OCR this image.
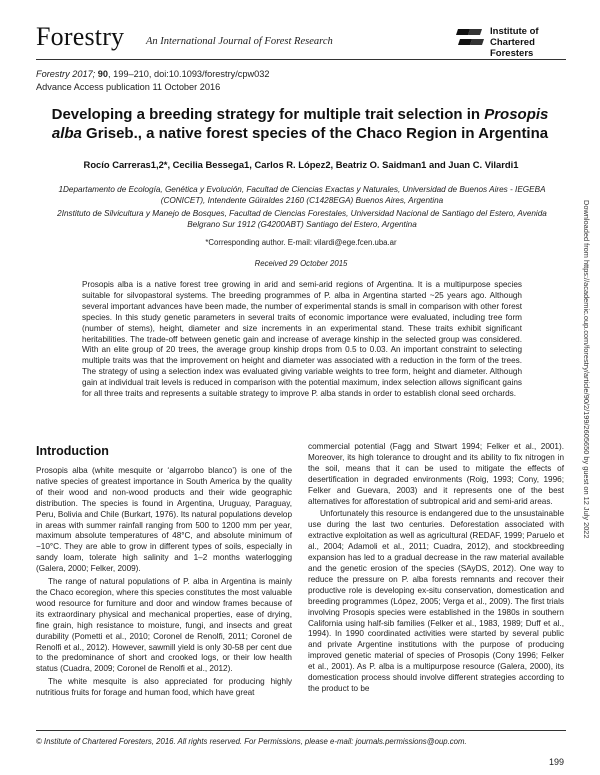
Forestry An International Journal of Forest Research
Institute of
Chartered Foresters
Forestry 2017; 90, 199–210, doi:10.1093/forestry/cpw032
Advance Access publication 11 October 2016
Developing a breeding strategy for multiple trait selection in Prosopis alba Griseb., a native forest species of the Chaco Region in Argentina
Rocío Carreras1,2*, Cecilia Bessega1, Carlos R. López2, Beatriz O. Saidman1 and Juan C. Vilardi1

1Departamento de Ecología, Genética y Evolución, Facultad de Ciencias Exactas y Naturales, Universidad de Buenos Aires - IEGEBA (CONICET), Intendente Güiraldes 2160 (C1428EGA) Buenos Aires, Argentina

2Instituto de Silvicultura y Manejo de Bosques, Facultad de Ciencias Forestales, Universidad Nacional de Santiago del Estero, Avenida Belgrano Sur 1912 (G4200ABT) Santiago del Estero, Argentina

*Corresponding author. E-mail: vilardi@ege.fcen.uba.ar
Received 29 October 2015
Prosopis alba is a native forest tree growing in arid and semi-arid regions of Argentina. It is a multipurpose species suitable for silvopastoral systems. The breeding programmes of P. alba in Argentina started ~25 years ago. Although several important advances have been made, the number of experimental stands is small in comparison with other forest species. In this study genetic parameters in several traits of economic importance were evaluated, including tree form (number of stems), height, diameter and size increments in an experimental stand. These traits exhibit significant heritabilities. The trade-off between genetic gain and increase of average kinship in the selected group was considered. With an elite group of 20 trees, the average group kinship drops from 0.5 to 0.03. An important constraint to selecting multiple traits was that the improvement on height and diameter was associated with a reduction in the form of the trees. The strategy of using a selection index was evaluated giving variable weights to tree form, height and diameter. Although gain at individual trait levels is reduced in comparison with the potential maximum, index selection allows significant gains for all three traits and represents a suitable strategy to improve P. alba stands in order to establish clonal seed orchards.
Introduction

Prosopis alba (white mesquite or ‘algarrobo blanco’) is one of the native species of greatest importance in South America by the quality of their wood and non-wood products and their wide geographic distribution. The species is found in Argentina, Uruguay, Paraguay, Peru, Bolivia and Chile (Burkart, 1976). Its natural populations develop in areas with summer rainfall ranging from 500 to 1200 mm per year, maximum absolute temperatures of 48°C, and absolute minimum of −10°C. They are able to grow in different types of soils, especially in sandy loam, tolerate high salinity and 1–2 months waterlogging (Galera, 2000; Felker, 2009).

The range of natural populations of P. alba in Argentina is mainly the Chaco ecoregion, where this species constitutes the most valuable wood resource for furniture and door and window frames because of its extraordinary physical and mechanical properties, ease of drying, fine grain, high resistance to moisture, fungi, and insects and great durability (Pometti et al., 2010; Coronel de Renolfi, 2011; Coronel de Renolfi et al., 2012). However, sawmill yield is only 30-58 per cent due to the predominance of short and crooked logs, or their low health status (Cuadra, 2009; Coronel de Renolfi et al., 2012).

The white mesquite is also appreciated for producing highly nutritious fruits for forage and human food, which have great

commercial potential (Fagg and Stwart 1994; Felker et al., 2001). Moreover, its high tolerance to drought and its ability to fix nitrogen in the soil, means that it can be used to mitigate the effects of desertification in degraded environments (Roig, 1993; Cony, 1996; Felker and Guevara, 2003) and it represents one of the best alternatives for afforestation of subtropical arid and semi-arid areas.

Unfortunately this resource is endangered due to the unsustainable use during the last two centuries. Deforestation associated with extractive exploitation as well as agricultural (REDAF, 1999; Paruelo et al., 2004; Adamoli et al., 2011; Cuadra, 2012), and stockbreeding expansion has led to a gradual decrease in the raw material available and the genetic erosion of the species (SAyDS, 2012). One way to reduce the pressure on P. alba forests remnants and recover their productive role is developing ex-situ conservation, domestication and breeding programmes (López, 2005; Verga et al., 2009). The first trials involving Prosopis species were established in the 1980s in southern California using half-sib families (Felker et al., 1983, 1989; Duff et al., 1994). In 1990 coordinated activities were started by several public and private Argentine institutions with the purpose of producing improved genetic material of species of Prosopis (Cony 1996; Felker et al., 2001). As P. alba is a multipurpose resource (Galera, 2000), its domestication process should involve different strategies according to the product to be

© Institute of Chartered Foresters, 2016. All rights reserved. For Permissions, please e-mail: journals.permissions@oup.com.
199
Downloaded from https://academic.oup.com/forestry/article/90/2/199/2605650 by guest on 12 July 2022
